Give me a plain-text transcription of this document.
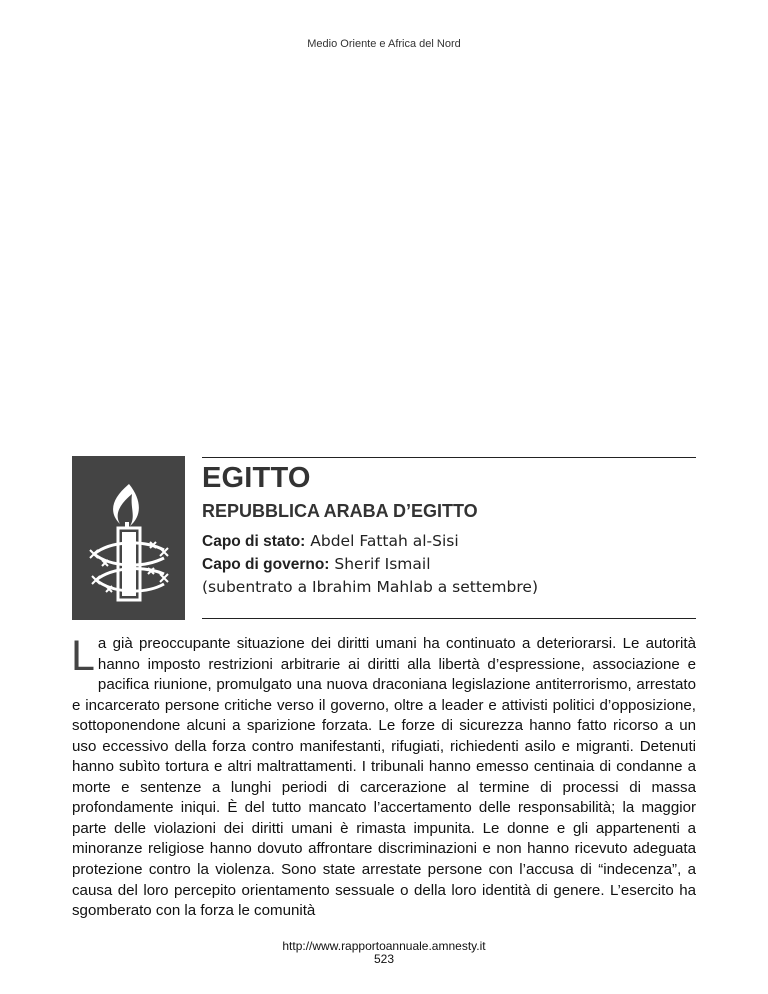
Medio Oriente e Africa del Nord
EGITTO
REPUBBLICA ARABA D’EGITTO
Capo di stato: Abdel Fattah al-Sisi
Capo di governo: Sherif Ismail
(subentrato a Ibrahim Mahlab a settembre)

La già preoccupante situazione dei diritti umani ha continuato a deteriorarsi. Le autorità hanno imposto restrizioni arbitrarie ai diritti alla libertà d’espressione, associazione e pacifica riunione, promulgato una nuova draconiana legislazione antiterrorismo, arrestato e incarcerato persone critiche verso il governo, oltre a leader e attivisti politici d’opposizione, sottoponendone alcuni a sparizione forzata. Le forze di sicurezza hanno fatto ricorso a un uso eccessivo della forza contro manifestanti, rifugiati, richiedenti asilo e migranti. Detenuti hanno subìto tortura e altri maltrattamenti. I tribunali hanno emesso centinaia di condanne a morte e sentenze a lunghi periodi di carcerazione al termine di processi di massa profondamente iniqui. È del tutto mancato l’accertamento delle responsabilità; la maggior parte delle violazioni dei diritti umani è rimasta impunita. Le donne e gli appartenenti a minoranze religiose hanno dovuto affrontare discriminazioni e non hanno ricevuto adeguata protezione contro la violenza. Sono state arrestate persone con l’accusa di “indecenza”, a causa del loro percepito orientamento sessuale o della loro identità di genere. L’esercito ha sgomberato con la forza le comunità

http://www.rapportoannuale.amnesty.it
523
